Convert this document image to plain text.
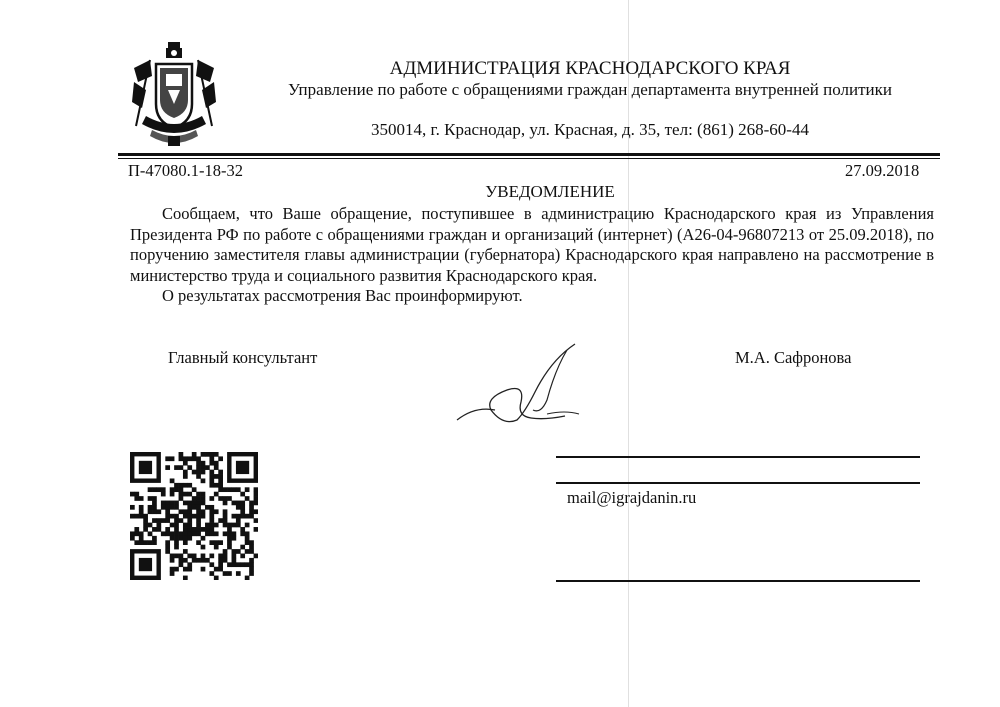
АДМИНИСТРАЦИЯ КРАСНОДАРСКОГО КРАЯ
Управление по работе с обращениями граждан департамента внутренней политики
350014, г. Краснодар, ул. Красная, д. 35, тел: (861) 268-60-44
П-47080.1-18-32	27.09.2018
УВЕДОМЛЕНИЕ

Сообщаем, что Ваше обращение, поступившее в администрацию Краснодарского края из Управления Президента РФ по работе с обращениями граждан и организаций (интернет) (А26-04-96807213 от 25.09.2018), по поручению заместителя главы администрации (губернатора) Краснодарского края направлено на рассмотрение в министерство труда и социального развития Краснодарского края.

О результатах рассмотрения Вас проинформируют.

Главный консультант	М.А. Сафронова
mail@igrajdanin.ru
